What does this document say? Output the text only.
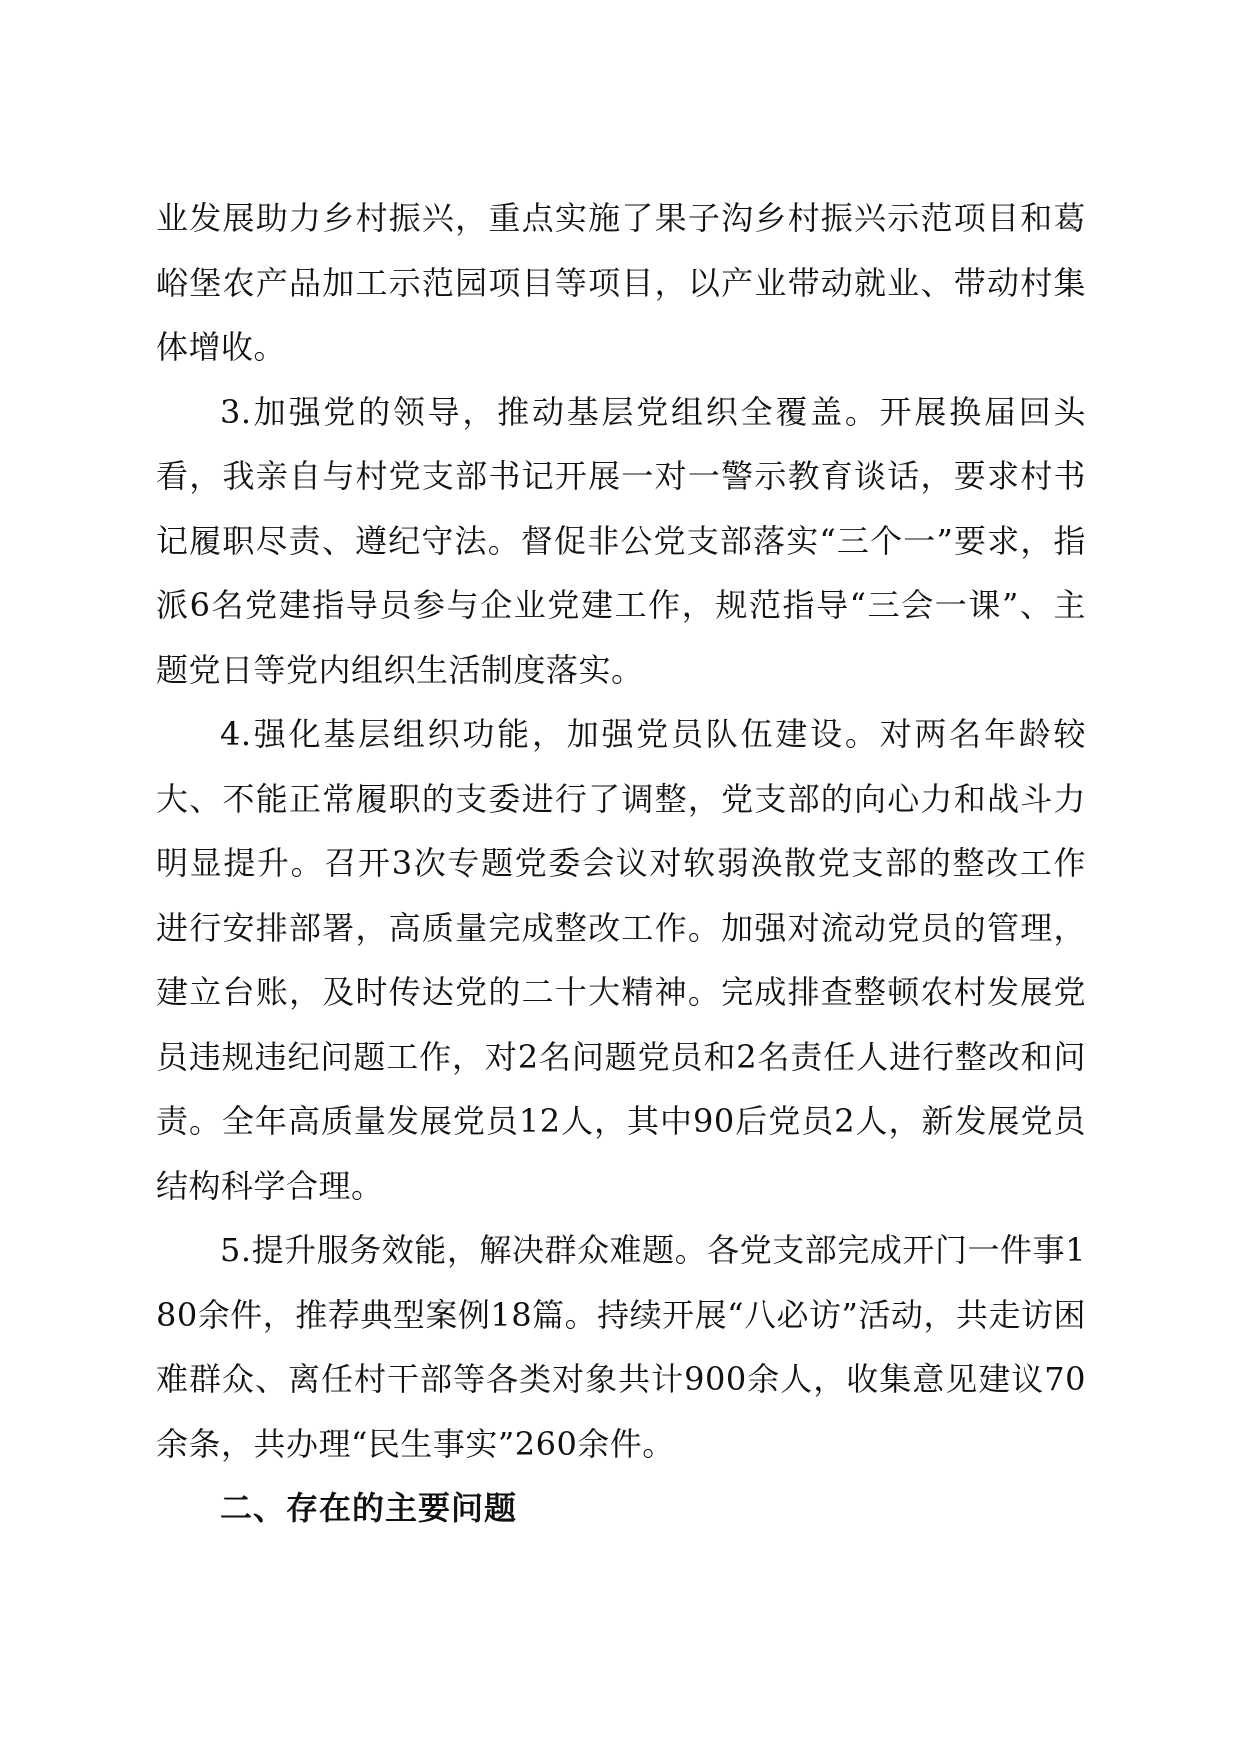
业发展助力乡村振兴，重点实施了果子沟乡村振兴示范项目和葛峪堡农产品加工示范园项目等项目，以产业带动就业、带动村集体增收。

3.加强党的领导，推动基层党组织全覆盖。开展换届回头看，我亲自与村党支部书记开展一对一警示教育谈话，要求村书记履职尽责、遵纪守法。督促非公党支部落实“三个一”要求，指派6名党建指导员参与企业党建工作，规范指导“三会一课”、主题党日等党内组织生活制度落实。

4.强化基层组织功能，加强党员队伍建设。对两名年龄较大、不能正常履职的支委进行了调整，党支部的向心力和战斗力明显提升。召开3次专题党委会议对软弱涣散党支部的整改工作进行安排部署，高质量完成整改工作。加强对流动党员的管理，建立台账，及时传达党的二十大精神。完成排查整顿农村发展党员违规违纪问题工作，对2名问题党员和2名责任人进行整改和问责。全年高质量发展党员12人，其中90后党员2人，新发展党员结构科学合理。

5.提升服务效能，解决群众难题。各党支部完成开门一件事180余件，推荐典型案例18篇。持续开展“八必访”活动，共走访困难群众、离任村干部等各类对象共计900余人，收集意见建议70余条，共办理“民生事实”260余件。

二、存在的主要问题
